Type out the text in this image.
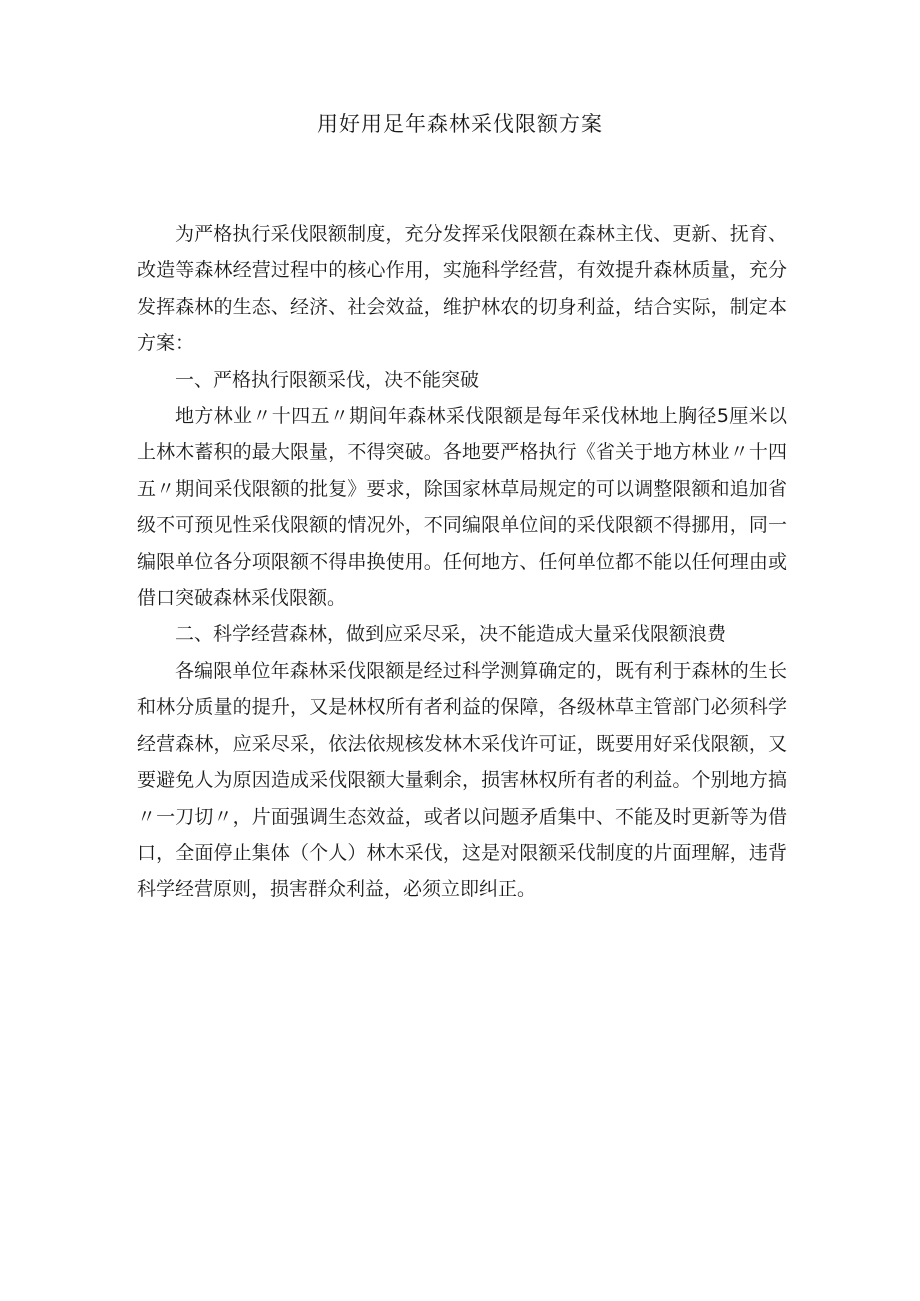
用好用足年森林采伐限额方案

为严格执行采伐限额制度，充分发挥采伐限额在森林主伐、更新、抚育、改造等森林经营过程中的核心作用，实施科学经营，有效提升森林质量，充分发挥森林的生态、经济、社会效益，维护林农的切身利益，结合实际，制定本方案：

一、严格执行限额采伐，决不能突破

地方林业〃十四五〃期间年森林采伐限额是每年采伐林地上胸径5厘米以上林木蓄积的最大限量，不得突破。各地要严格执行《省关于地方林业〃十四五〃期间采伐限额的批复》要求，除国家林草局规定的可以调整限额和追加省级不可预见性采伐限额的情况外，不同编限单位间的采伐限额不得挪用，同一编限单位各分项限额不得串换使用。任何地方、任何单位都不能以任何理由或借口突破森林采伐限额。

二、科学经营森林，做到应采尽采，决不能造成大量采伐限额浪费

各编限单位年森林采伐限额是经过科学测算确定的，既有利于森林的生长和林分质量的提升，又是林权所有者利益的保障，各级林草主管部门必须科学经营森林，应采尽采，依法依规核发林木采伐许可证，既要用好采伐限额，又要避免人为原因造成采伐限额大量剩余，损害林权所有者的利益。个别地方搞〃一刀切〃，片面强调生态效益，或者以问题矛盾集中、不能及时更新等为借口，全面停止集体（个人）林木采伐，这是对限额采伐制度的片面理解，违背科学经营原则，损害群众利益，必须立即纠正。
